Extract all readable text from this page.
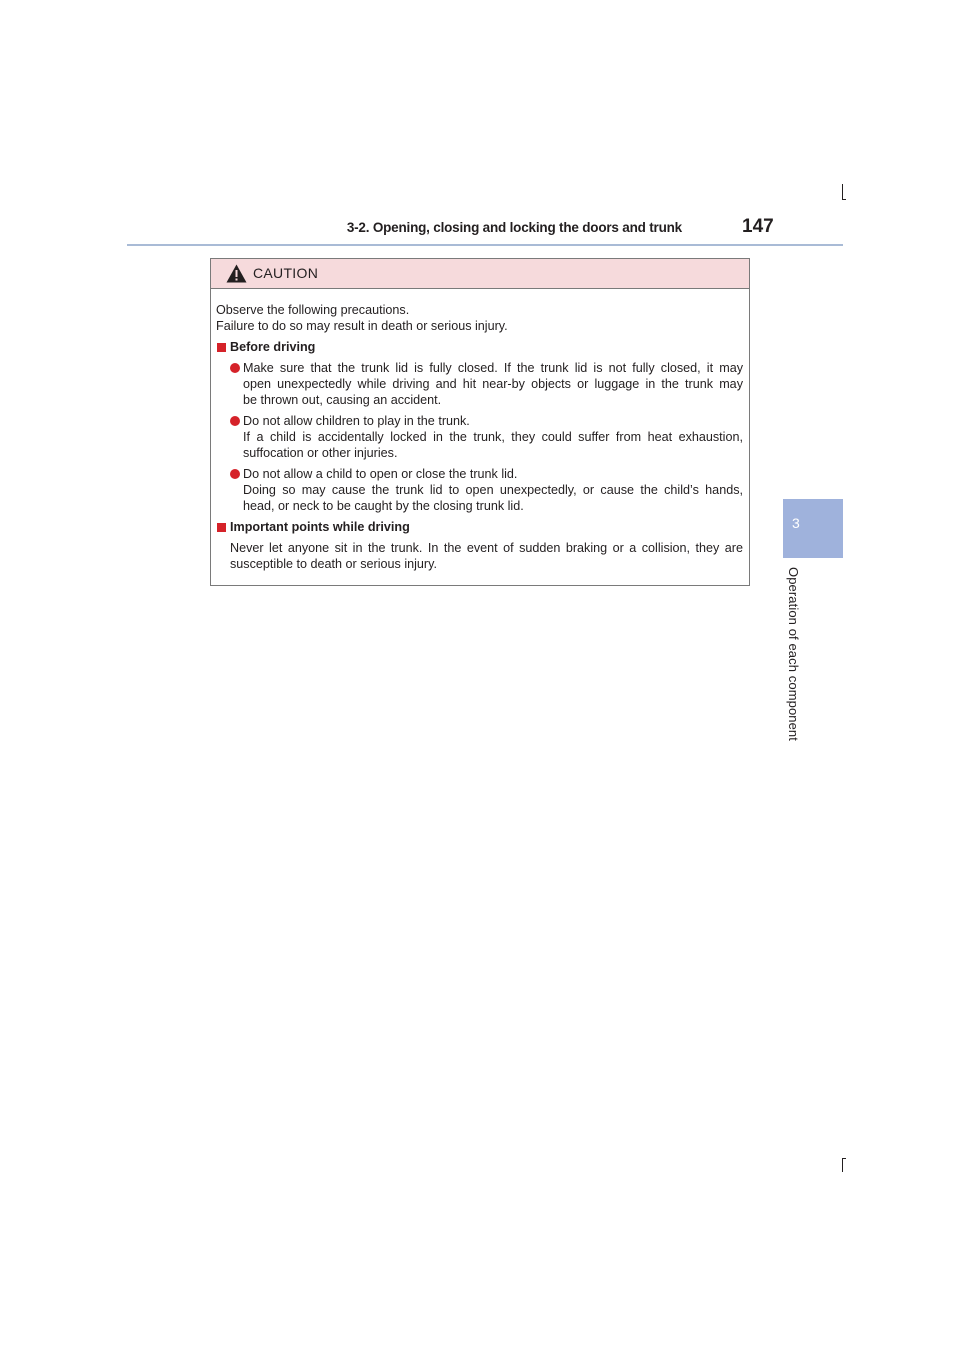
3-2. Opening, closing and locking the doors and trunk	147
3
Operation of each component
CAUTION
Observe the following precautions.
Failure to do so may result in death or serious injury.
Before driving
Make sure that the trunk lid is fully closed. If the trunk lid is not fully closed, it may
open unexpectedly while driving and hit near-by objects or luggage in the trunk may
be thrown out, causing an accident.
Do not allow children to play in the trunk.
If a child is accidentally locked in the trunk, they could suffer from heat exhaustion,
suffocation or other injuries.
Do not allow a child to open or close the trunk lid.
Doing so may cause the trunk lid to open unexpectedly, or cause the child’s hands,
head, or neck to be caught by the closing trunk lid.
Important points while driving
Never let anyone sit in the trunk. In the event of sudden braking or a collision, they are
susceptible to death or serious injury.
